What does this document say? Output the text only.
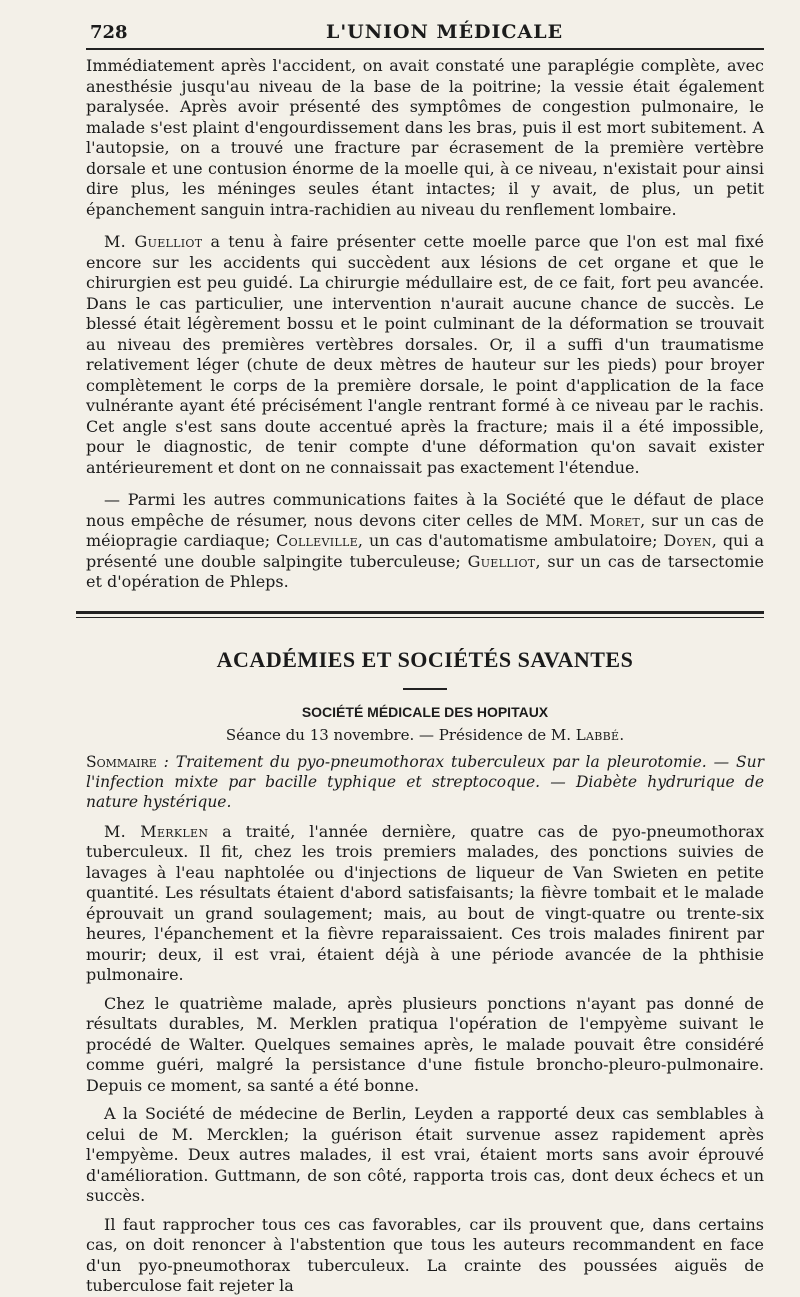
728	L'UNION MÉDICALE

Immédiatement après l'accident, on avait constaté une paraplégie complète, avec anesthésie jusqu'au niveau de la base de la poitrine; la vessie était également paralysée. Après avoir présenté des symptômes de congestion pulmonaire, le malade s'est plaint d'engourdissement dans les bras, puis il est mort subitement. A l'autopsie, on a trouvé une fracture par écrasement de la première vertèbre dorsale et une contusion énorme de la moelle qui, à ce niveau, n'existait pour ainsi dire plus, les méninges seules étant intactes; il y avait, de plus, un petit épanchement sanguin intra-rachidien au niveau du renflement lombaire.

M. Guelliot a tenu à faire présenter cette moelle parce que l'on est mal fixé encore sur les accidents qui succèdent aux lésions de cet organe et que le chirurgien est peu guidé. La chirurgie médullaire est, de ce fait, fort peu avancée. Dans le cas particulier, une intervention n'aurait aucune chance de succès. Le blessé était légèrement bossu et le point culminant de la déformation se trouvait au niveau des premières vertèbres dorsales. Or, il a suffi d'un traumatisme relativement léger (chute de deux mètres de hauteur sur les pieds) pour broyer complètement le corps de la première dorsale, le point d'application de la face vulnérante ayant été précisément l'angle rentrant formé à ce niveau par le rachis. Cet angle s'est sans doute accentué après la fracture; mais il a été impossible, pour le diagnostic, de tenir compte d'une déformation qu'on savait exister antérieurement et dont on ne connaissait pas exactement l'étendue.

— Parmi les autres communications faites à la Société que le défaut de place nous empêche de résumer, nous devons citer celles de MM. Moret, sur un cas de méiopragie cardiaque; Colleville, un cas d'automatisme ambulatoire; Doyen, qui a présenté une double salpingite tuberculeuse; Guelliot, sur un cas de tarsectomie et d'opération de Phleps.

ACADÉMIES ET SOCIÉTÉS SAVANTES
SOCIÉTÉ MÉDICALE DES HOPITAUX
Séance du 13 novembre. — Présidence de M. Labbé.

Sommaire : Traitement du pyo-pneumothorax tuberculeux par la pleurotomie. — Sur l'infection mixte par bacille typhique et streptocoque. — Diabète hydrurique de nature hystérique.

M. Merklen a traité, l'année dernière, quatre cas de pyo-pneumothorax tuberculeux. Il fit, chez les trois premiers malades, des ponctions suivies de lavages à l'eau naphtolée ou d'injections de liqueur de Van Swieten en petite quantité. Les résultats étaient d'abord satisfaisants; la fièvre tombait et le malade éprouvait un grand soulagement; mais, au bout de vingt-quatre ou trente-six heures, l'épanchement et la fièvre reparaissaient. Ces trois malades finirent par mourir; deux, il est vrai, étaient déjà à une période avancée de la phthisie pulmonaire.

Chez le quatrième malade, après plusieurs ponctions n'ayant pas donné de résultats durables, M. Merklen pratiqua l'opération de l'empyème suivant le procédé de Walter. Quelques semaines après, le malade pouvait être considéré comme guéri, malgré la persistance d'une fistule broncho-pleuro-pulmonaire. Depuis ce moment, sa santé a été bonne.

A la Société de médecine de Berlin, Leyden a rapporté deux cas semblables à celui de M. Mercklen; la guérison était survenue assez rapidement après l'empyème. Deux autres malades, il est vrai, étaient morts sans avoir éprouvé d'amélioration. Guttmann, de son côté, rapporta trois cas, dont deux échecs et un succès.

Il faut rapprocher tous ces cas favorables, car ils prouvent que, dans certains cas, on doit renoncer à l'abstention que tous les auteurs recommandent en face d'un pyo-pneumothorax tuberculeux. La crainte des poussées aiguës de tuberculose fait rejeter la
